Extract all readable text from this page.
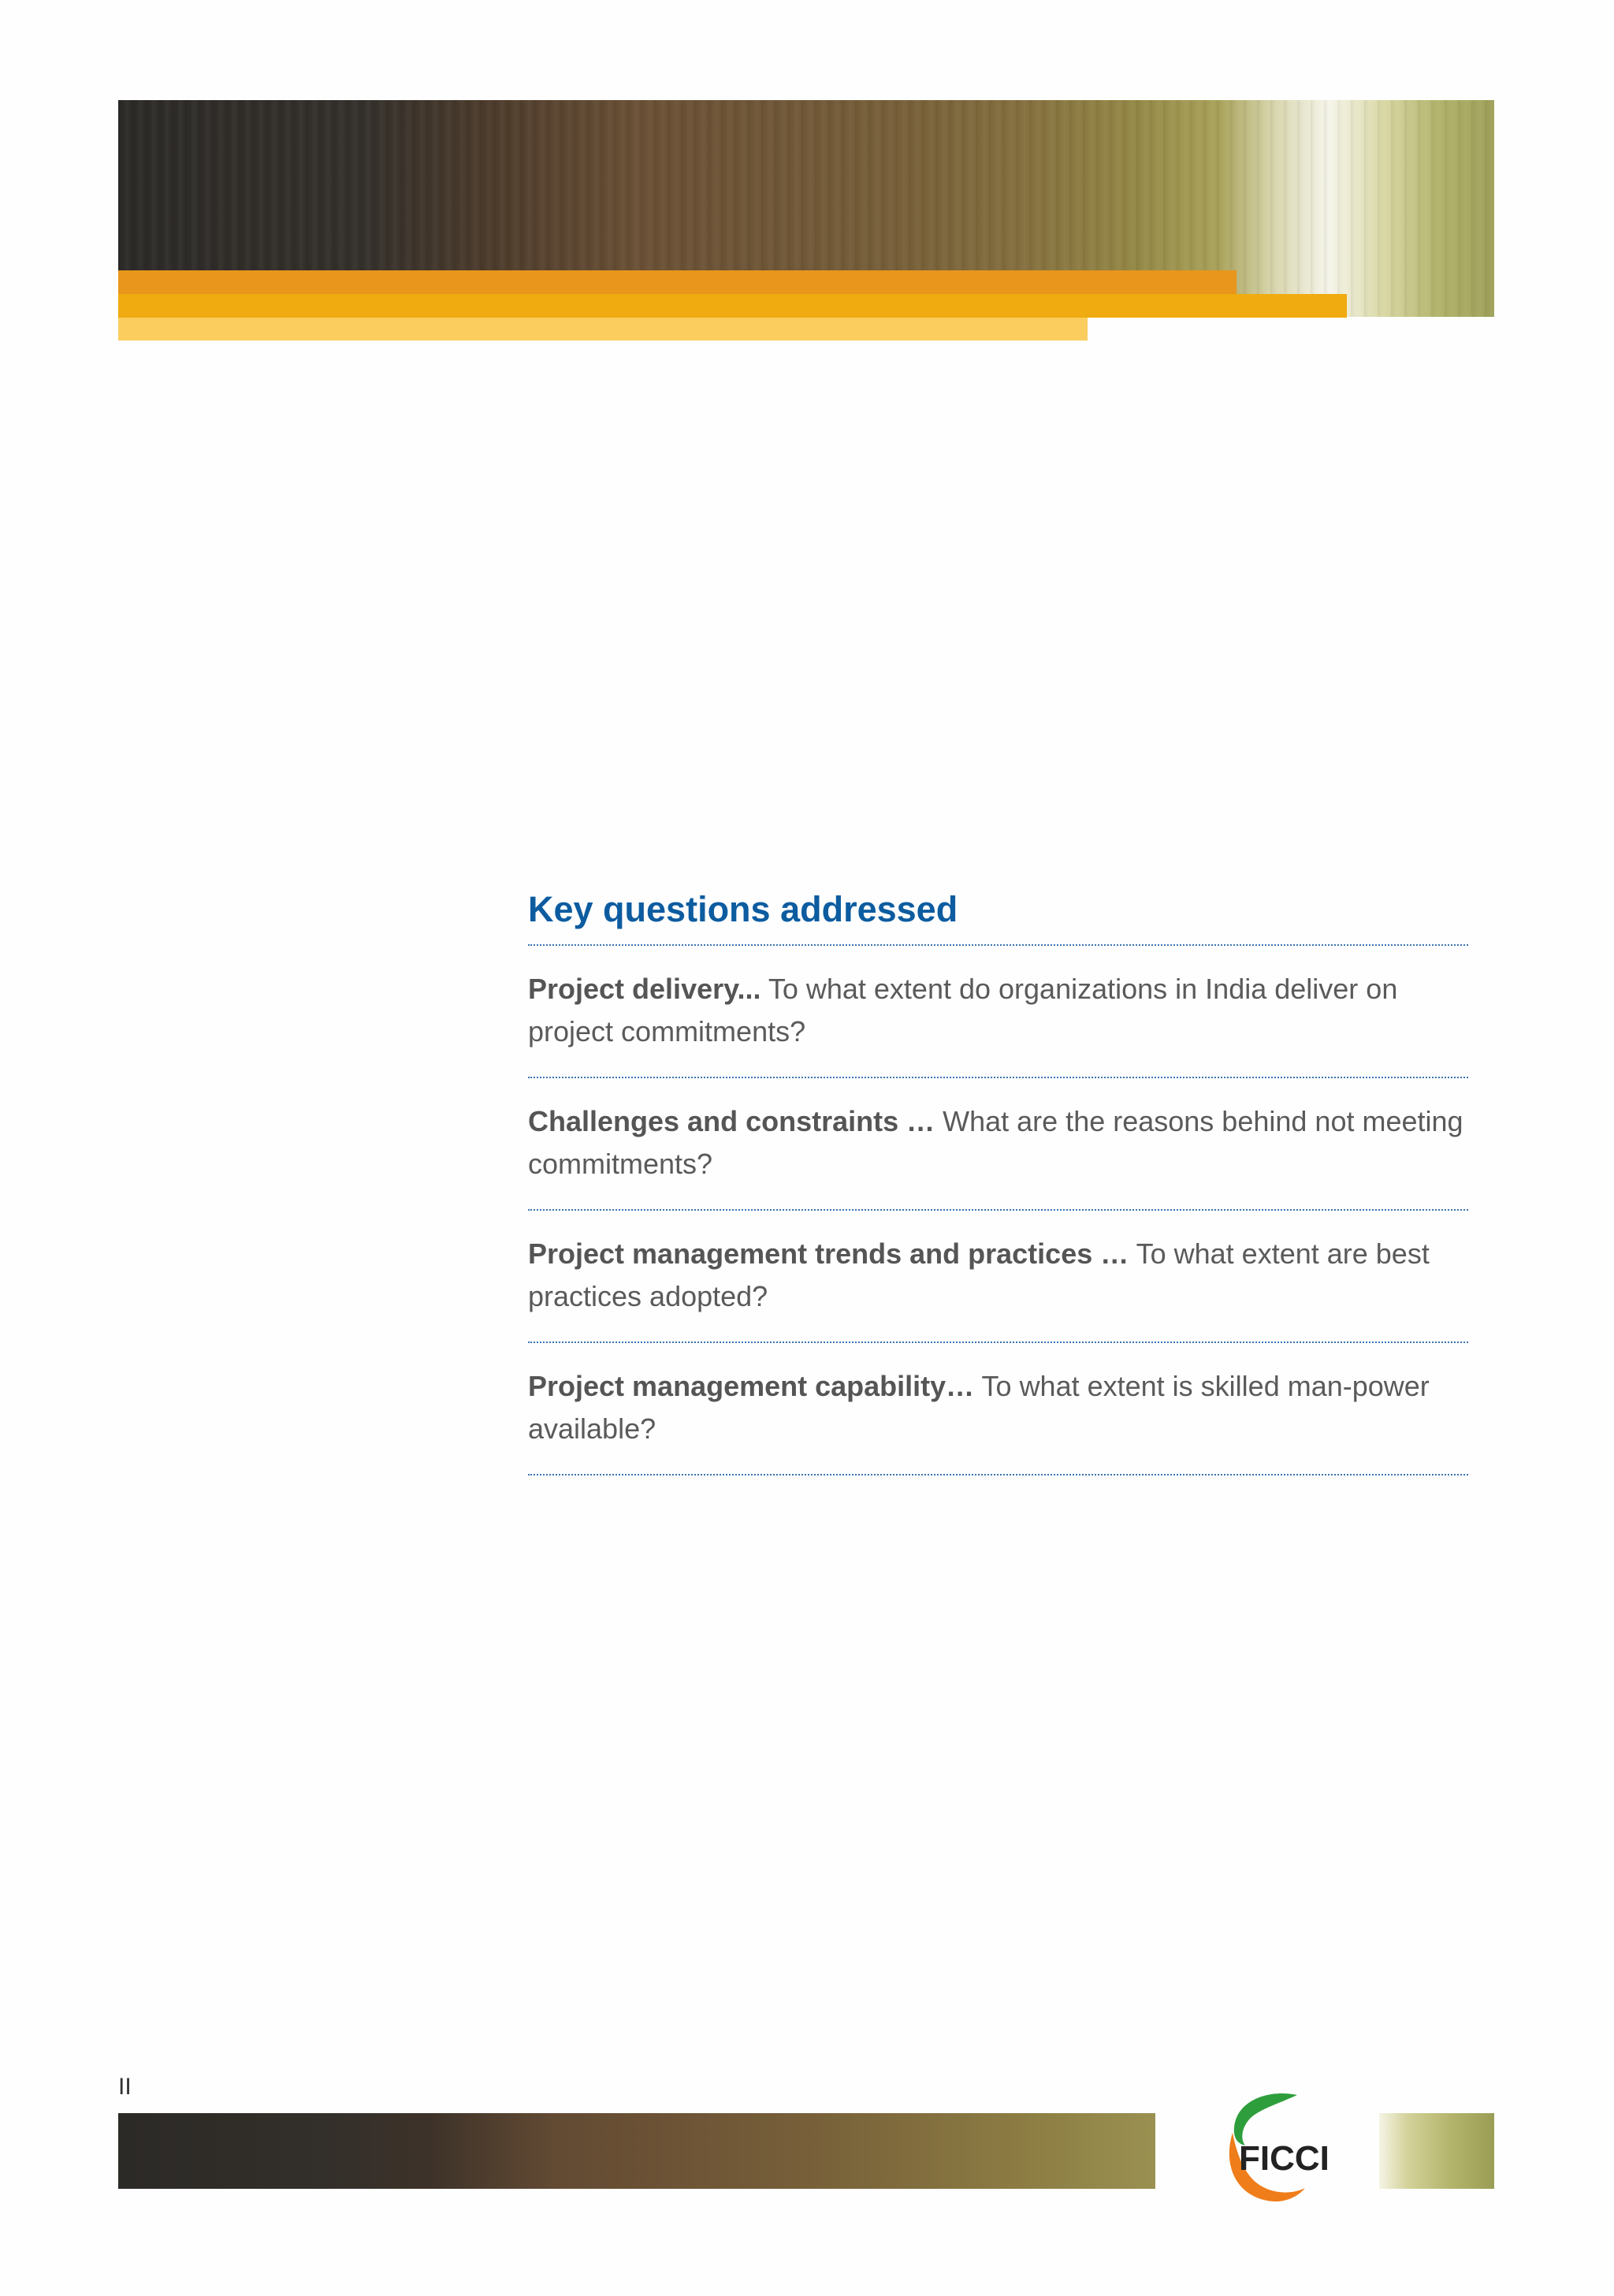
Key questions addressed
Project delivery... To what extent do organizations in India deliver on project commitments?
Challenges and constraints … What are the reasons behind not meeting commitments?
Project management trends and practices … To what extent are best practices adopted?
Project management capability… To what extent is skilled man-power available?
II
FICCI
